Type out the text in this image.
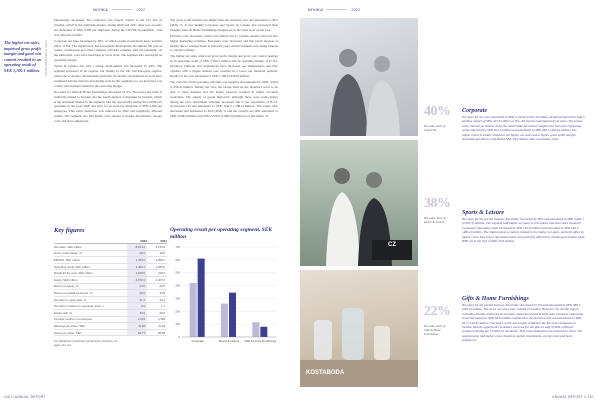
NIVIKA	2022	NIVIKA	2022
PERFORMANCE 2022
The higher net sales, improved gross profit margin and good cost control resulted in an operating result of SEK 5,700.1 million.

Furnishings decreased. The reduction was largely related to the fact that in Sweden, which is the dominant market, during 2020 and 2021 there was an extra tax deduction of SEK 2,000 per employee during the COVID-19 pandemic - this was removed in 2022.

Corporate net sales increased by 49%, of which acquired operations had a positive effect of 8%. The segment has had favourable development throughout the year as events, conferences and other company activities returned after the pandemic. At the same time, costs have been kept at a low level. The segment also developed its operating margin.

Sports & Leisure also had a strong development and increased by 38%. The segment increased in all regions, but mainly in the UK and European regions, where the economy's mechanisms had been favourable. Investments in Golf have continued and the brand is developing well. In this segment too, we had great cost control and an improvement in the operating margin.

Net sales for Gifts & Home Furnishings decreased by 9%. The lower net value is primarily related to Sweden and the fourth quarter. Companies in Sweden, which is the dominant market in the segment, had the opportunity during the COVID-19 pandemic in the years 2020 and 2021 for an extra tax deduction of SEK 2,000 per employee. This extra deduction was removed in 2022 and negatively affected results. The segment also had higher costs related to market investments, energy costs and more employees.

The gross profit margin was higher than the previous year and amounted to 49.5 (48.8) %. It was mainly Corporate and Sports & Leisure that increased their margins. Gifts & Home Furnishings margins are at the same level as last year.

External costs increased, which was mainly due to volume-related costs but also higher marketing activities. Personnel costs increased and this year's increase is mainly due to savings made in previous years and the business now being adapted to current volumes.

The higher net sales, improved gross profit margin and good cost control resulted in an operating result of SEK 5,700.1 million and an operating margin of 17.0%. Inventory build-up and acquisitions have increased our indebtedness and this, together with a higher interest rate, resulted in a lower net financial position. Result for the year amounted to SEK 1,168.9 (318.0) million.

The cash flow from operating activities was negative and amounted to SEK -556.0 (1,358.4) million. During the year, the Group built up the inventory level to be able to meet demand and the higher turnover resulted in higher accounts receivable. The supply of goods improved, although there were some delays during the year. Investment activities increased due to the acquisition of B.T.C Activewear Ltd and amounted to SEK -842.3 (-188.2) million. The equity ratio decreased and amounted to 49.9 (49.8) % and the Group's net debt amounted to SEK 2,049.9 million and SEK 2,329.6 (1,860.0) million as of December 31.

Key figures
2022	2021
Net sales, SEK million	8,014.4	6,733.6
Gross profit margin, %	49.5	48.8
EBITDA, SEK million	1,784.5	1,356.2
Operating result, SEK million	1,360.1	1,005.9
Result for the year, SEK million	1,168.9	318.0
Equity, SEK million	4,976.3	4,367.6
Return on equity, %	24.5	28.6
Return on capital employed, %	20.0	24.8
Net debt to equity ratio, %	31.1	22.4
Net debt in relation to operating result, x	2.0	1.7
Equity ratio, %	49.9	49.8
Average number of employees	2,629	2,368
Earnings per share, SEK	11.68	11.46
Equity per share, SEK	84.77	68.85
For definitions of alternative performance measures, see pages 122-124.
Operating result per operating segment, SEK million
0
100
200
300
400
500
600
700
Corporate	Sports & Leisure Gifts & Home Furnishings
CZ
KOSTABODA
40%
Net sales share of Corporate
38%
Net sales share of Sports & Leisure
22%
Net sales share of Gifts & Home Furnishings
Corporate

Net sales for the year amounted to SEK 4,132.8 (2,925.4) million. Acquired operations had a positive impact of SEK 245.8 million or 8%. All regions had improved net sales. The promo sales channel increased, while the retail trade decreased compared to last year. Operating result improved by SEK 812.0 million and amounted to SEK 983.1 (464.0) million. The higher result is mainly related to the higher net sales and a higher gross profit margin. Acquired operations contributed SEK 28.9 million after acquisition costs.

Sports & Leisure

Net sales for the period January-December increased by 38% and amounted to SEK 3,281.1 (2,391.5) million. The segment had higher net sales in all regions and both sales channels increased. Operating result increased by SEK 181.8 million and amounted to SEK 662.2 (480.4) million. The improvement is mainly related to the higher net sales, partially offset by higher costs. Last year's operating result was positively affected by foreign government lease IFRS 16 in the first of SEK 35.8 million.

Gifts & Home Furnishings

Net sales for the period January-December decreased by 9% and amounted to SEK 980.5 (994.9) million. The lower net sales were related to Sweden. However, the Nordic region excluding Sweden improved its net sales. Sales decreased in both sales channels. Operating result decreased by SEK 84.8 million compared to the previous year and amounted to SEK 64.7 (149.4) million. The lower result was largely related to the fact that companies in Sweden had the opportunity to deduct extra tax for the gifts to staff of SEK 2,000 per employee during the COVID-19 pandemic. This extra deduction was removed in 2022. The segment also had higher costs related to market investments, energy costs and more employees.

106 // ANNUAL REPORT	ANNUAL REPORT // 107
